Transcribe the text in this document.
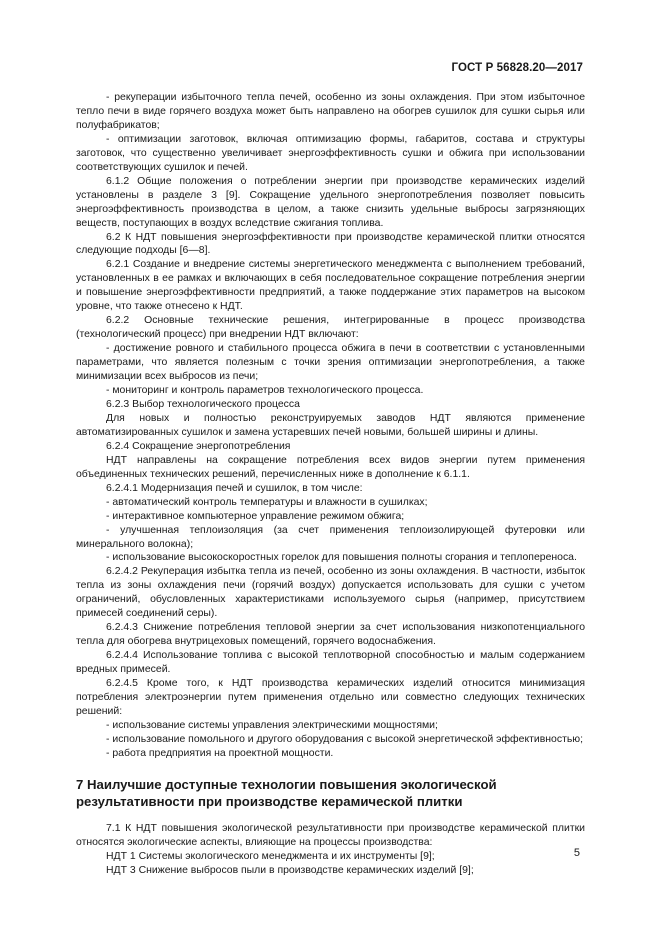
ГОСТ Р 56828.20—2017

- рекуперации избыточного тепла печей, особенно из зоны охлаждения. При этом избыточное тепло печи в виде горячего воздуха может быть направлено на обогрев сушилок для сушки сырья или полуфабрикатов;

- оптимизации заготовок, включая оптимизацию формы, габаритов, состава и структуры заготовок, что существенно увеличивает энергоэффективность сушки и обжига при использовании соответствующих сушилок и печей.

6.1.2 Общие положения о потреблении энергии при производстве керамических изделий установлены в разделе 3 [9]. Сокращение удельного энергопотребления позволяет повысить энергоэффективность производства в целом, а также снизить удельные выбросы загрязняющих веществ, поступающих в воздух вследствие сжигания топлива.

6.2 К НДТ повышения энергоэффективности при производстве керамической плитки относятся следующие подходы [6—8].

6.2.1 Создание и внедрение системы энергетического менеджмента с выполнением требований, установленных в ее рамках и включающих в себя последовательное сокращение потребления энергии и повышение энергоэффективности предприятий, а также поддержание этих параметров на высоком уровне, что также отнесено к НДТ.

6.2.2 Основные технические решения, интегрированные в процесс производства (технологический процесс) при внедрении НДТ включают:

- достижение ровного и стабильного процесса обжига в печи в соответствии с установленными параметрами, что является полезным с точки зрения оптимизации энергопотребления, а также минимизации всех выбросов из печи;

- мониторинг и контроль параметров технологического процесса.

6.2.3 Выбор технологического процесса

Для новых и полностью реконструируемых заводов НДТ являются применение автоматизированных сушилок и замена устаревших печей новыми, большей ширины и длины.

6.2.4 Сокращение энергопотребления

НДТ направлены на сокращение потребления всех видов энергии путем применения объединенных технических решений, перечисленных ниже в дополнение к 6.1.1.

6.2.4.1 Модернизация печей и сушилок, в том числе:

- автоматический контроль температуры и влажности в сушилках;

- интерактивное компьютерное управление режимом обжига;

- улучшенная теплоизоляция (за счет применения теплоизолирующей футеровки или минерального волокна);

- использование высокоскоростных горелок для повышения полноты сгорания и теплопереноса.

6.2.4.2 Рекуперация избытка тепла из печей, особенно из зоны охлаждения. В частности, избыток тепла из зоны охлаждения печи (горячий воздух) допускается использовать для сушки с учетом ограничений, обусловленных характеристиками используемого сырья (например, присутствием примесей соединений серы).

6.2.4.3 Снижение потребления тепловой энергии за счет использования низкопотенциального тепла для обогрева внутрицеховых помещений, горячего водоснабжения.

6.2.4.4 Использование топлива с высокой теплотворной способностью и малым содержанием вредных примесей.

6.2.4.5 Кроме того, к НДТ производства керамических изделий относится минимизация потребления электроэнергии путем применения отдельно или совместно следующих технических решений:

- использование системы управления электрическими мощностями;

- использование помольного и другого оборудования с высокой энергетической эффективностью;

- работа предприятия на проектной мощности.

7 Наилучшие доступные технологии повышения экологической результативности при производстве керамической плитки

7.1 К НДТ повышения экологической результативности при производстве керамической плитки относятся экологические аспекты, влияющие на процессы производства:

НДТ 1 Системы экологического менеджмента и их инструменты [9];

НДТ 3 Снижение выбросов пыли в производстве керамических изделий [9];

5
